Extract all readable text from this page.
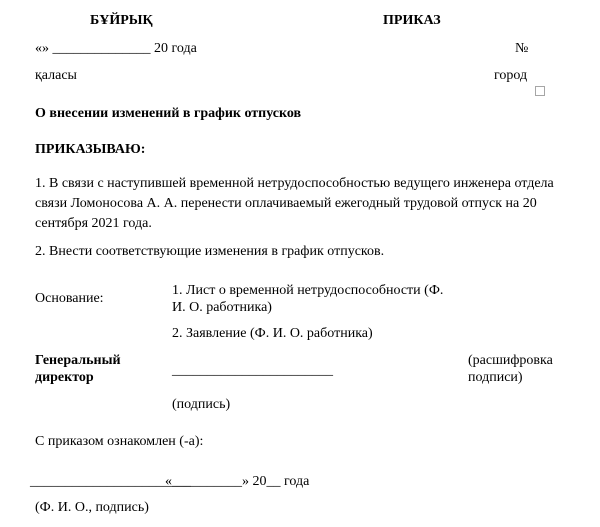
БҰЙРЫҚ	ПРИКАЗ
«» ______________ 20 года	№
қаласы	город
О внесении изменений в график отпусков
ПРИКАЗЫВАЮ:
1. В связи с наступившей временной нетрудоспособностью ведущего инженера отдела связи Ломоносова А. А. перенести оплачиваемый ежегодный трудовой отпуск на 20 сентября 2021 года.
2. Внести соответствующие изменения в график отпусков.
Основание:
1. Лист о временной нетрудоспособности (Ф.
И. О. работника)
2. Заявление (Ф. И. О. работника)
Генеральный
директор	_______________________
(расшифровка
подписи)
(подпись)
С приказом ознакомлен (-а):
_______________________
«__________» 20__ года
(Ф. И. О., подпись)
